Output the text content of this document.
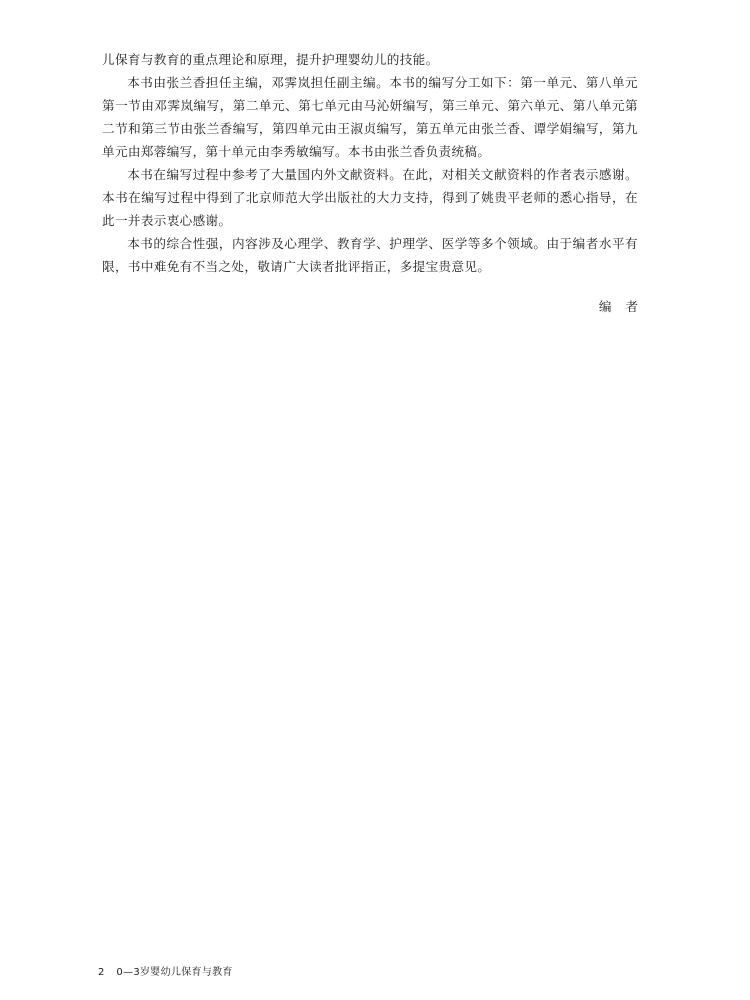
儿保育与教育的重点理论和原理，提升护理婴幼儿的技能。

本书由张兰香担任主编，邓霁岚担任副主编。本书的编写分工如下：第一单元、第八单元第一节由邓霁岚编写，第二单元、第七单元由马沁妍编写，第三单元、第六单元、第八单元第二节和第三节由张兰香编写，第四单元由王淑贞编写，第五单元由张兰香、谭学娟编写，第九单元由郑蓉编写，第十单元由李秀敏编写。本书由张兰香负责统稿。

本书在编写过程中参考了大量国内外文献资料。在此，对相关文献资料的作者表示感谢。本书在编写过程中得到了北京师范大学出版社的大力支持，得到了姚贵平老师的悉心指导，在此一并表示衷心感谢。

本书的综合性强，内容涉及心理学、教育学、护理学、医学等多个领域。由于编者水平有限，书中难免有不当之处，敬请广大读者批评指正，多提宝贵意见。

编者
2 0—3岁婴幼儿保育与教育
